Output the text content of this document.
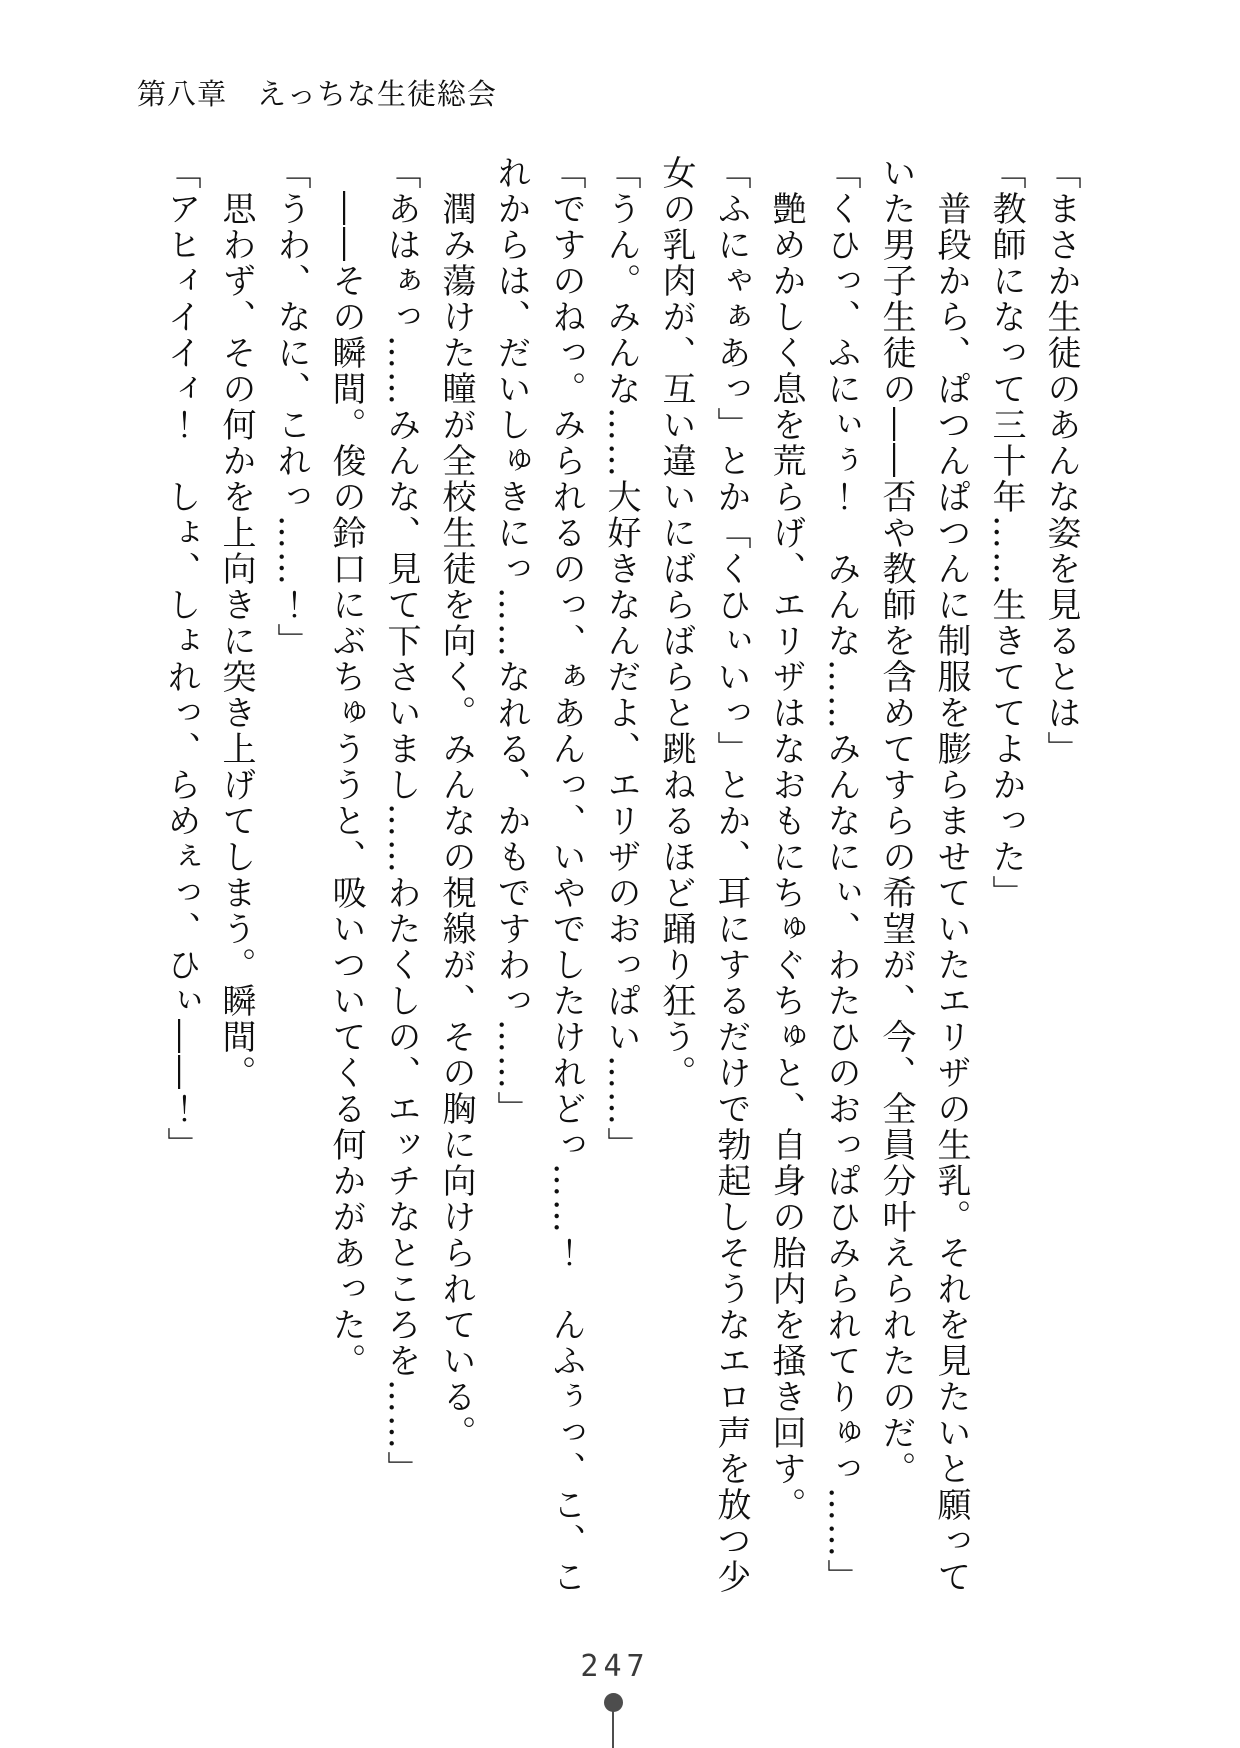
第八章　えっちな生徒総会

「まさか生徒のあんな姿を見るとは」

「教師になって三十年……生きててよかった」

普段から、ぱつんぱつんに制服を膨らませていたエリザの生乳。それを見たいと願って

いた男子生徒の――否や教師を含めてすらの希望が、今、全員分叶えられたのだ。

「くひっ、ふにぃぅ！　みんな……みんなにぃ、わたひのおっぱひみられてりゅっ……」

艶めかしく息を荒らげ、エリザはなおもにちゅぐちゅと、自身の胎内を掻き回す。

「ふにゃぁあっ」とか「くひぃいっ」とか、耳にするだけで勃起しそうなエロ声を放つ少

女の乳肉が、互い違いにばらばらと跳ねるほど踊り狂う。

「うん。みんな……大好きなんだよ、エリザのおっぱい……」

「ですのねっ。みられるのっ、ぁあんっ、いやでしたけれどっ……！　んふぅっ、こ、こ

れからは、だいしゅきにっ……なれる、かもですわっ……」

潤み蕩けた瞳が全校生徒を向く。みんなの視線が、その胸に向けられている。

「あはぁっ……みんな、見て下さいまし……わたくしの、エッチなところを……」

――その瞬間。俊の鈴口にぶちゅううと、吸いついてくる何かがあった。

「うわ、なに、これっ……！」

思わず、その何かを上向きに突き上げてしまう。瞬間。

「アヒィイイィ！　しょ、しょれっ、らめぇっ、ひぃ――！」

247
